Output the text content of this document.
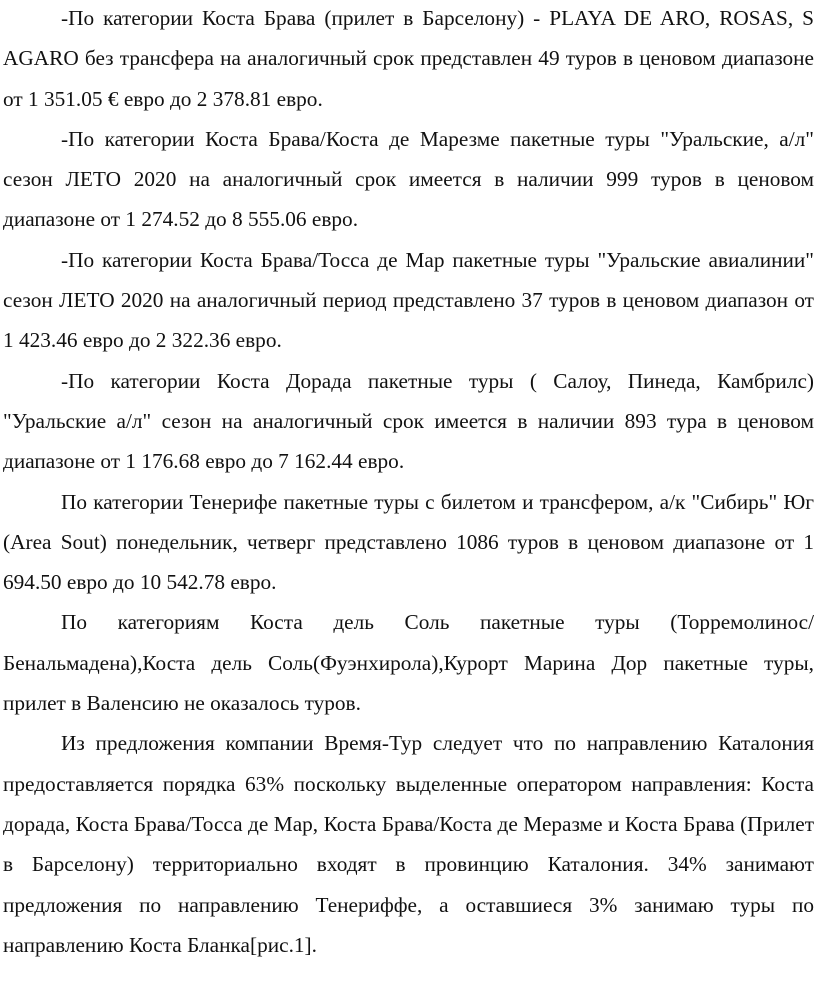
-По категории Коста Брава (прилет в Барселону) - PLAYA DE ARO, ROSAS, S AGARO без трансфера на аналогичный срок представлен 49 туров в ценовом диапазоне от 1 351.05 € евро до 2 378.81 евро.

-По категории Коста Брава/Коста де Марезме пакетные туры "Уральские, а/л" сезон ЛЕТО 2020 на аналогичный срок имеется в наличии 999 туров в ценовом диапазоне от 1 274.52 до 8 555.06 евро.

-По категории Коста Брава/Тосса де Мар пакетные туры "Уральские авиалинии" сезон ЛЕТО 2020 на аналогичный период представлено 37 туров в ценовом диапазон от 1 423.46 евро до 2 322.36 евро.

-По категории Коста Дорада пакетные туры ( Салоу, Пинеда, Камбрилс) "Уральские а/л" сезон на аналогичный срок имеется в наличии 893 тура в ценовом диапазоне от 1 176.68 евро до 7 162.44 евро.

По категории Тенерифе пакетные туры с билетом и трансфером, а/к "Сибирь" Юг (Area Sout) понедельник, четверг представлено 1086 туров в ценовом диапазоне от 1 694.50 евро до 10 542.78 евро.

По категориям Коста дель Соль пакетные туры (Торремолинос/Бенальмадена),Коста дель Соль(Фуэнхирола),Курорт Марина Дор пакетные туры, прилет в Валенсию не оказалось туров.

Из предложения компании Время-Тур следует что по направлению Каталония предоставляется порядка 63% поскольку выделенные оператором направления: Коста дорада, Коста Брава/Тосса де Мар, Коста Брава/Коста де Меразме и Коста Брава (Прилет в Барселону) территориально входят в провинцию Каталония. 34% занимают предложения по направлению Тенериффе, а оставшиеся 3% занимаю туры по направлению Коста Бланка[рис.1].
